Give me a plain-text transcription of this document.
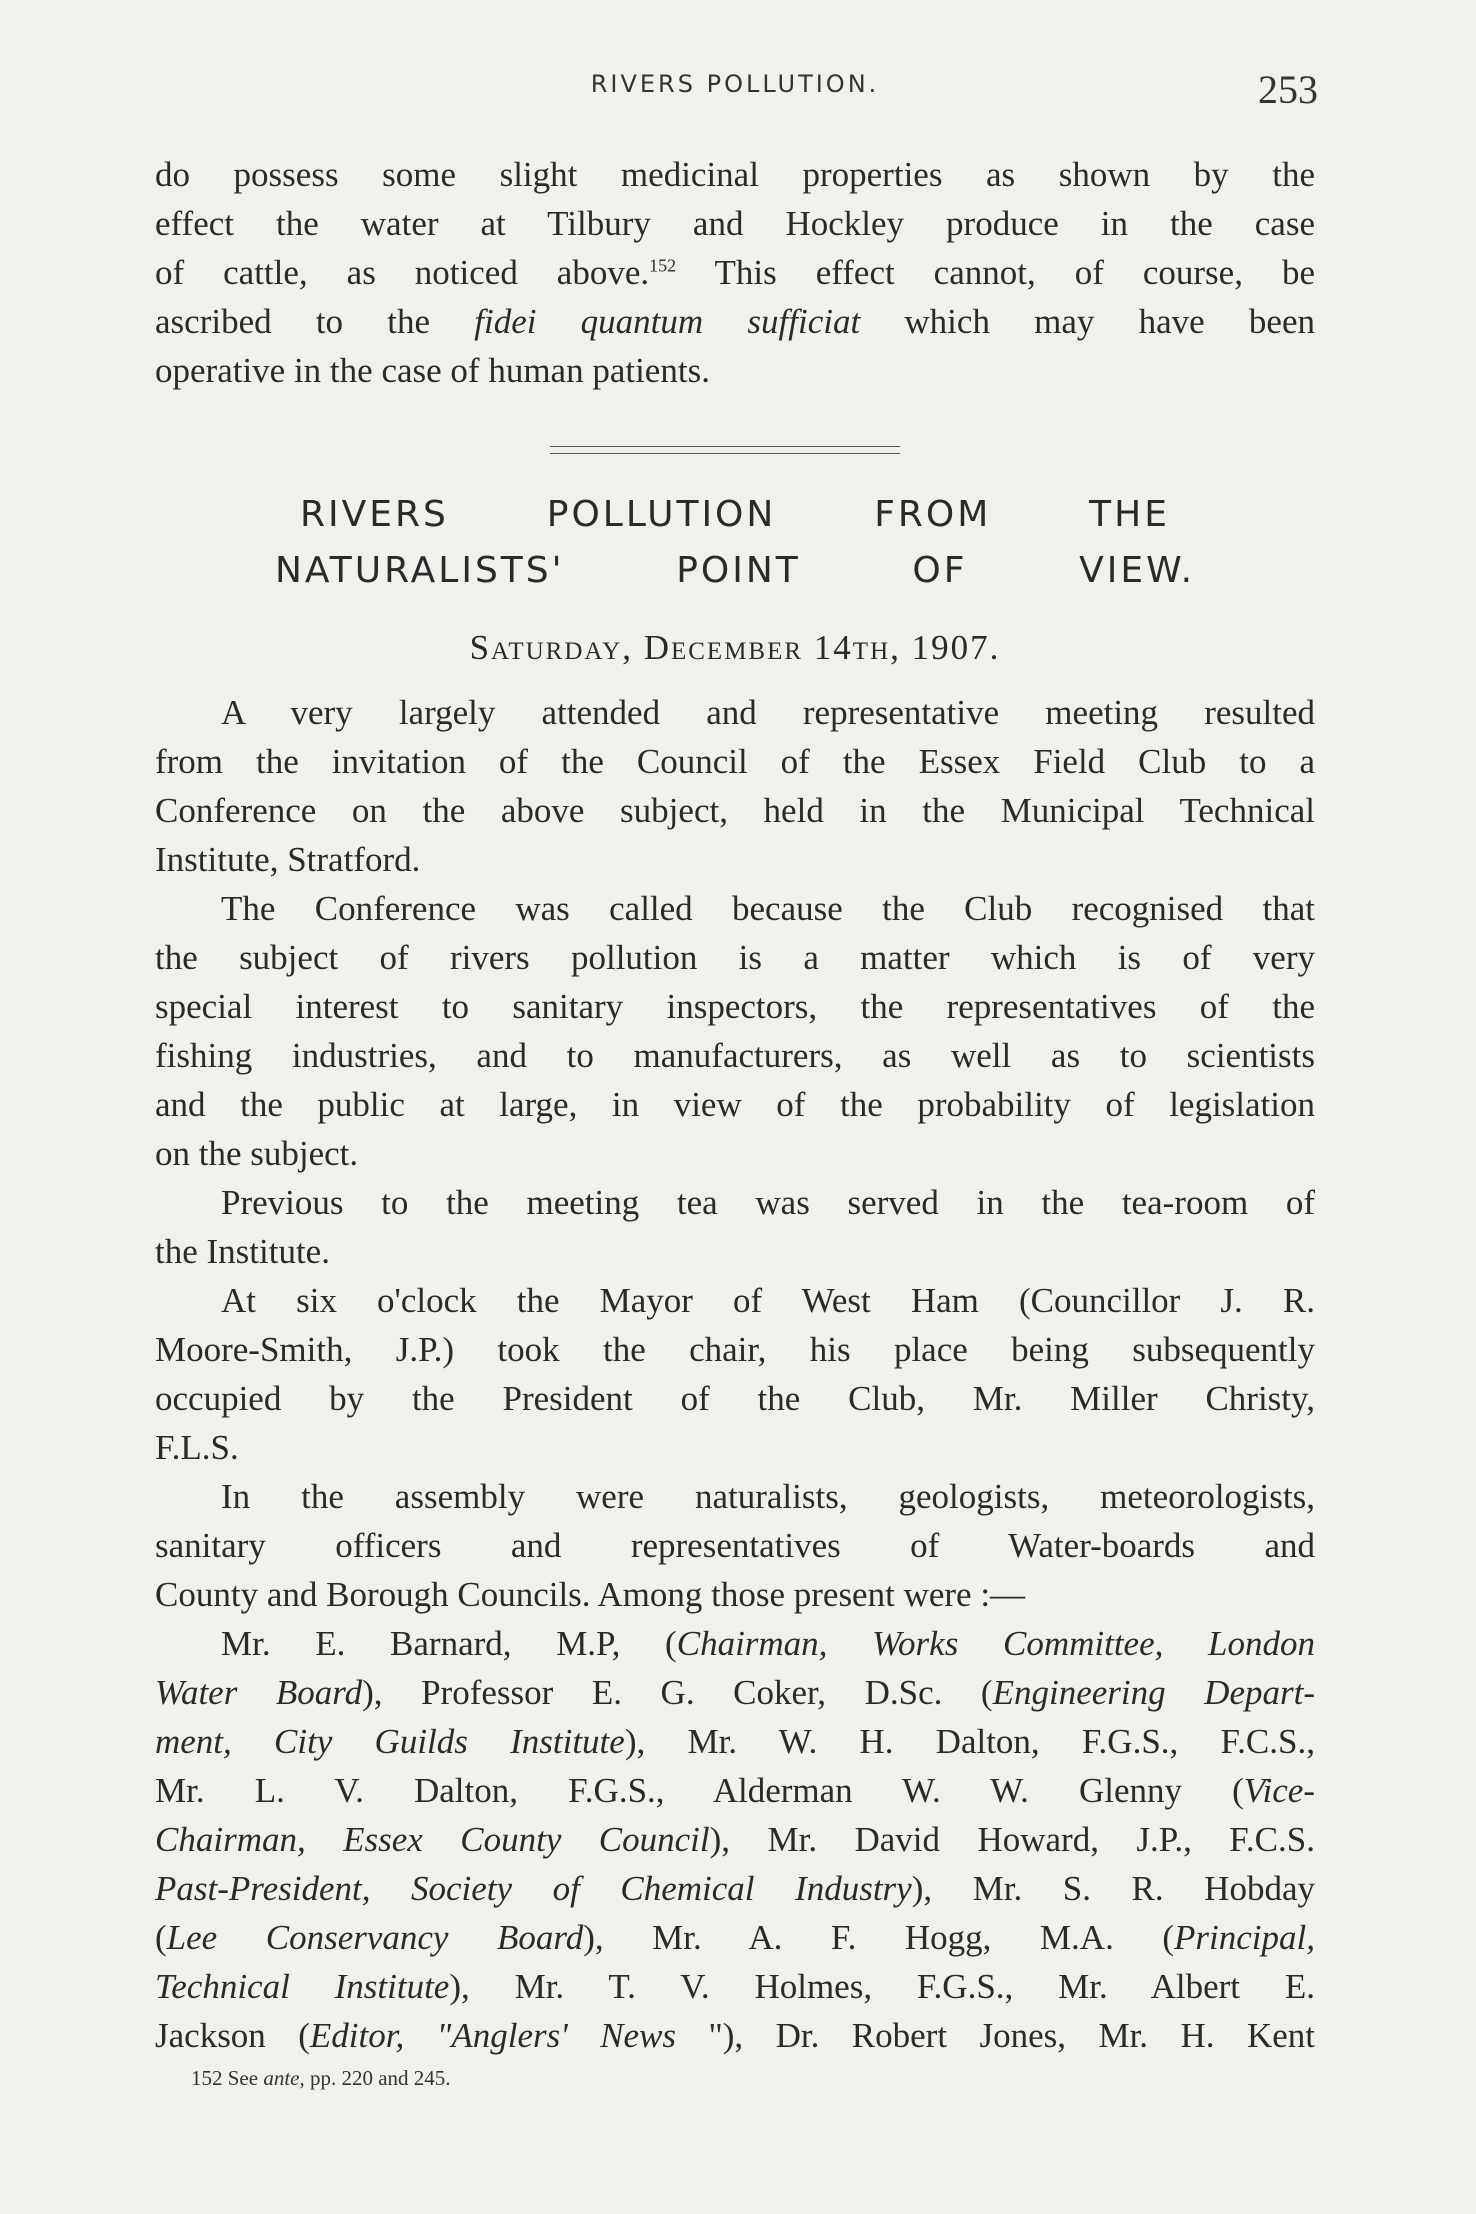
RIVERS POLLUTION.	253
do possess some slight medicinal properties as shown by the
effect the water at Tilbury and Hockley produce in the case
of cattle, as noticed above.$^{152}$ This effect cannot, of course, be
ascribed to the fidei quantum sufficiat which may have been
operative in the case of human patients.
RIVERS	POLLUTION	FROM	THE
NATURALISTS'	POINT	OF	VIEW.
Saturday, December 14th, 1907.

A very largely attended and representative meeting resulted
from the invitation of the Council of the Essex Field Club to a
Conference on the above subject, held in the Municipal Technical
Institute, Stratford.

The Conference was called because the Club recognised that
the subject of rivers pollution is a matter which is of very
special interest to sanitary inspectors, the representatives of the
fishing industries, and to manufacturers, as well as to scientists
and the public at large, in view of the probability of legislation
on the subject.

Previous to the meeting tea was served in the tea-room of
the Institute.

At six o'clock the Mayor of West Ham (Councillor J. R.
Moore-Smith, J.P.) took the chair, his place being subsequently
occupied by the President of the Club, Mr. Miller Christy,
F.L.S.

In the assembly were naturalists, geologists, meteorologists,
sanitary officers and representatives of Water-boards and
County and Borough Councils. Among those present were :—

Mr. E. Barnard, M.P, (Chairman, Works Committee, London
Water Board), Professor E. G. Coker, D.Sc. (Engineering Depart-
ment, City Guilds Institute), Mr. W. H. Dalton, F.G.S., F.C.S.,
Mr. L. V. Dalton, F.G.S., Alderman W. W. Glenny (Vice-
Chairman, Essex County Council), Mr. David Howard, J.P., F.C.S.
Past-President, Society of Chemical Industry), Mr. S. R. Hobday
(Lee Conservancy Board), Mr. A. F. Hogg, M.A. (Principal,
Technical Institute), Mr. T. V. Holmes, F.G.S., Mr. Albert E.
Jackson (Editor, "Anglers' News "), Dr. Robert Jones, Mr. H. Kent

152 See ante, pp. 220 and 245.
